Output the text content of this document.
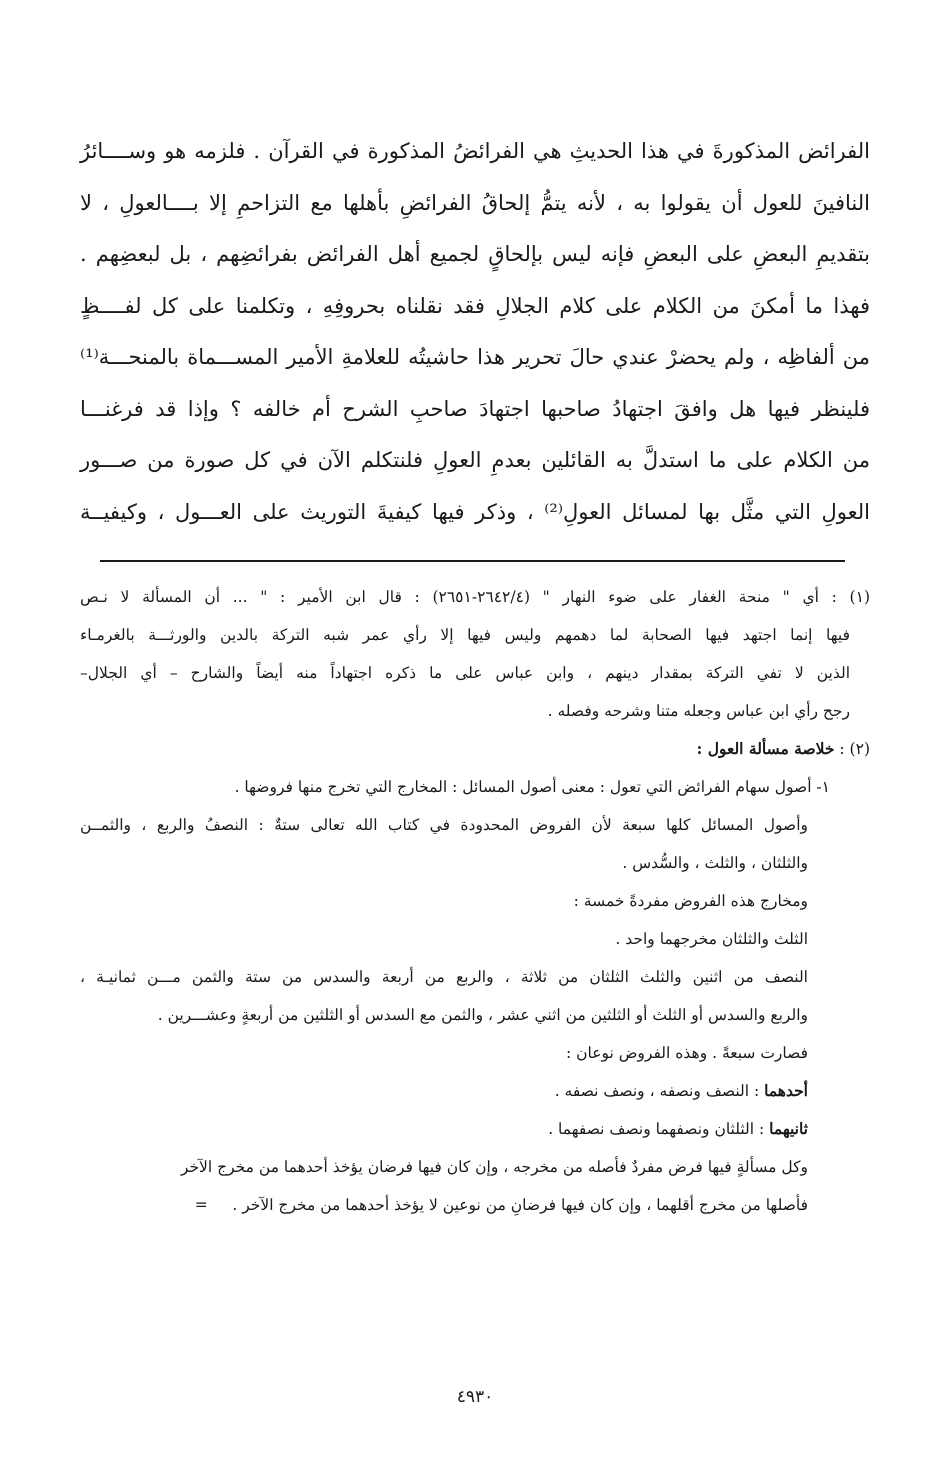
الفرائض المذكورةَ في هذا الحديثِ هي الفرائضُ المذكورة في القرآن . فلزمه هو وســــائرُ
النافينَ للعول أن يقولوا به ، لأنه يتمُّ إلحاقُ الفرائضِ بأهلها مع التزاحمِ إلا بــــالعولِ ، لا
بتقديمِ البعضِ على البعضِ فإنه ليس بإلحاقٍ لجميع أهل الفرائض بفرائضِهم ، بل لبعضِهم .
فهذا ما أمكنَ من الكلام على كلام الجلالِ فقد نقلناه بحروفِهِ ، وتكلمنا على كل لفــــظٍ
من ألفاظِه ، ولم يحضرْ عندي حالَ تحرير هذا حاشيتُه للعلامةِ الأمير المســـماة بالمنحـــة⁽¹⁾
فلينظر فيها هل وافقَ اجتهادُ صاحبها اجتهادَ صاحبِ الشرح أم خالفه ؟ وإذا قد فرغنـــا
من الكلام على ما استدلَّ به القائلين بعدمِ العولِ فلنتكلم الآن في كل صورة من صـــور
العولِ التي مثَّل بها لمسائل العولِ⁽²⁾ ، وذكر فيها كيفيةَ التوريث على العـــول ، وكيفيــة
(١) : أي " منحة الغفار على ضوء النهار " (٢٦٤٢/٤-٢٦٥١) : قال ابن الأمير : " ... أن المسألة لا نـص
فيها إنما اجتهد فيها الصحابة لما دهمهم وليس فيها إلا رأي عمر شبه التركة بالدين والورثـــة بالغرمـاء
الذين لا تفي التركة بمقدار دينهم ، وابن عباس على ما ذكره اجتهاداً منه أيضاً والشارح – أي الجلال–
رجح رأي ابن عباس وجعله متنا وشرحه وفصله .
(٢) : خلاصة مسألة العول :
١- أصول سهام الفرائض التي تعول : معنى أصول المسائل : المخارج التي تخرج منها فروضها .
وأصول المسائل كلها سبعة لأن الفروض المحدودة في كتاب الله تعالى ستةٌ : النصفُ والربع ، والثمــن
والثلثان ، والثلث ، والسُّدس .
ومخارج هذه الفروض مفردةً خمسة :
الثلث والثلثان مخرجهما واحد .
النصف من اثنين والثلث الثلثان من ثلاثة ، والربع من أربعة والسدس من ستة والثمن مـــن ثمانيـة ،
والربع والسدس أو الثلث أو الثلثين من اثني عشر ، والثمن مع السدس أو الثلثين من أربعةٍ وعشـــرين .
فصارت سبعةً . وهذه الفروض نوعان :
أحدهما : النصف ونصفه ، ونصف نصفه .
ثانيهما : الثلثان ونصفهما ونصف نصفهما .
وكل مسألةٍ فيها فرض مفردٌ فأصله من مخرجه ، وإن كان فيها فرضان يؤخذ أحدهما من مخرج الآخر
فأصلها من مخرج أقلهما ، وإن كان فيها فرضانِ من نوعين لا يؤخذ أحدهما من مخرج الآخر .     =
٤٩٣٠
